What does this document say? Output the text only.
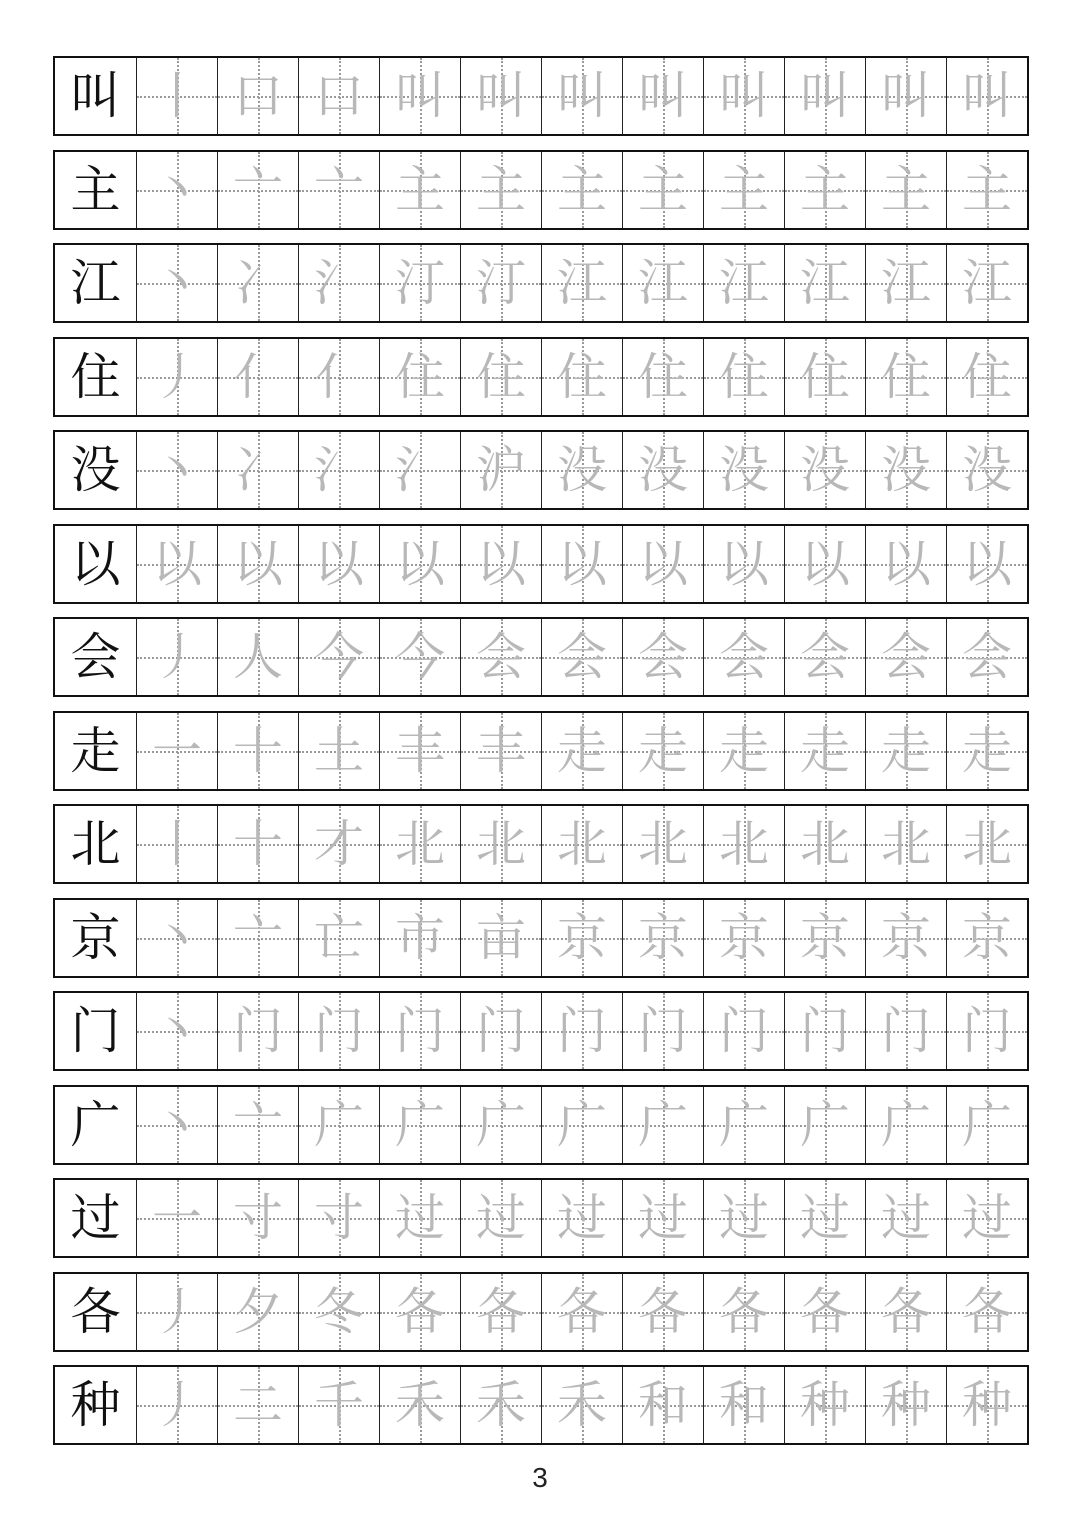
叫 丨 口 口 叫 叫 叫 叫 叫 叫 叫 叫
主 丶 亠 亠 主 主 主 主 主 主 主 主
江 丶 冫 氵 汀 汀 江 江 江 江 江 江
住 丿 亻 亻 住 住 住 住 住 住 住 住
没 丶 冫 氵 氵 沪 没 没 没 没 没 没
以 以 以 以 以 以 以 以 以 以 以 以
会 丿 人 今 今 会 会 会 会 会 会 会
走 一 十 土 丰 丰 走 走 走 走 走 走
北 丨 十 才 北 北 北 北 北 北 北 北
京 丶 亠 亡 市 亩 京 京 京 京 京 京
门 丶 门 门 门 门 门 门 门 门 门 门
广 丶 亠 广 广 广 广 广 广 广 广 广
过 一 寸 寸 过 过 过 过 过 过 过 过
各 丿 夕 冬 各 各 各 各 各 各 各 各
种 丿 二 千 禾 禾 禾 和 和 种 种 种
3
